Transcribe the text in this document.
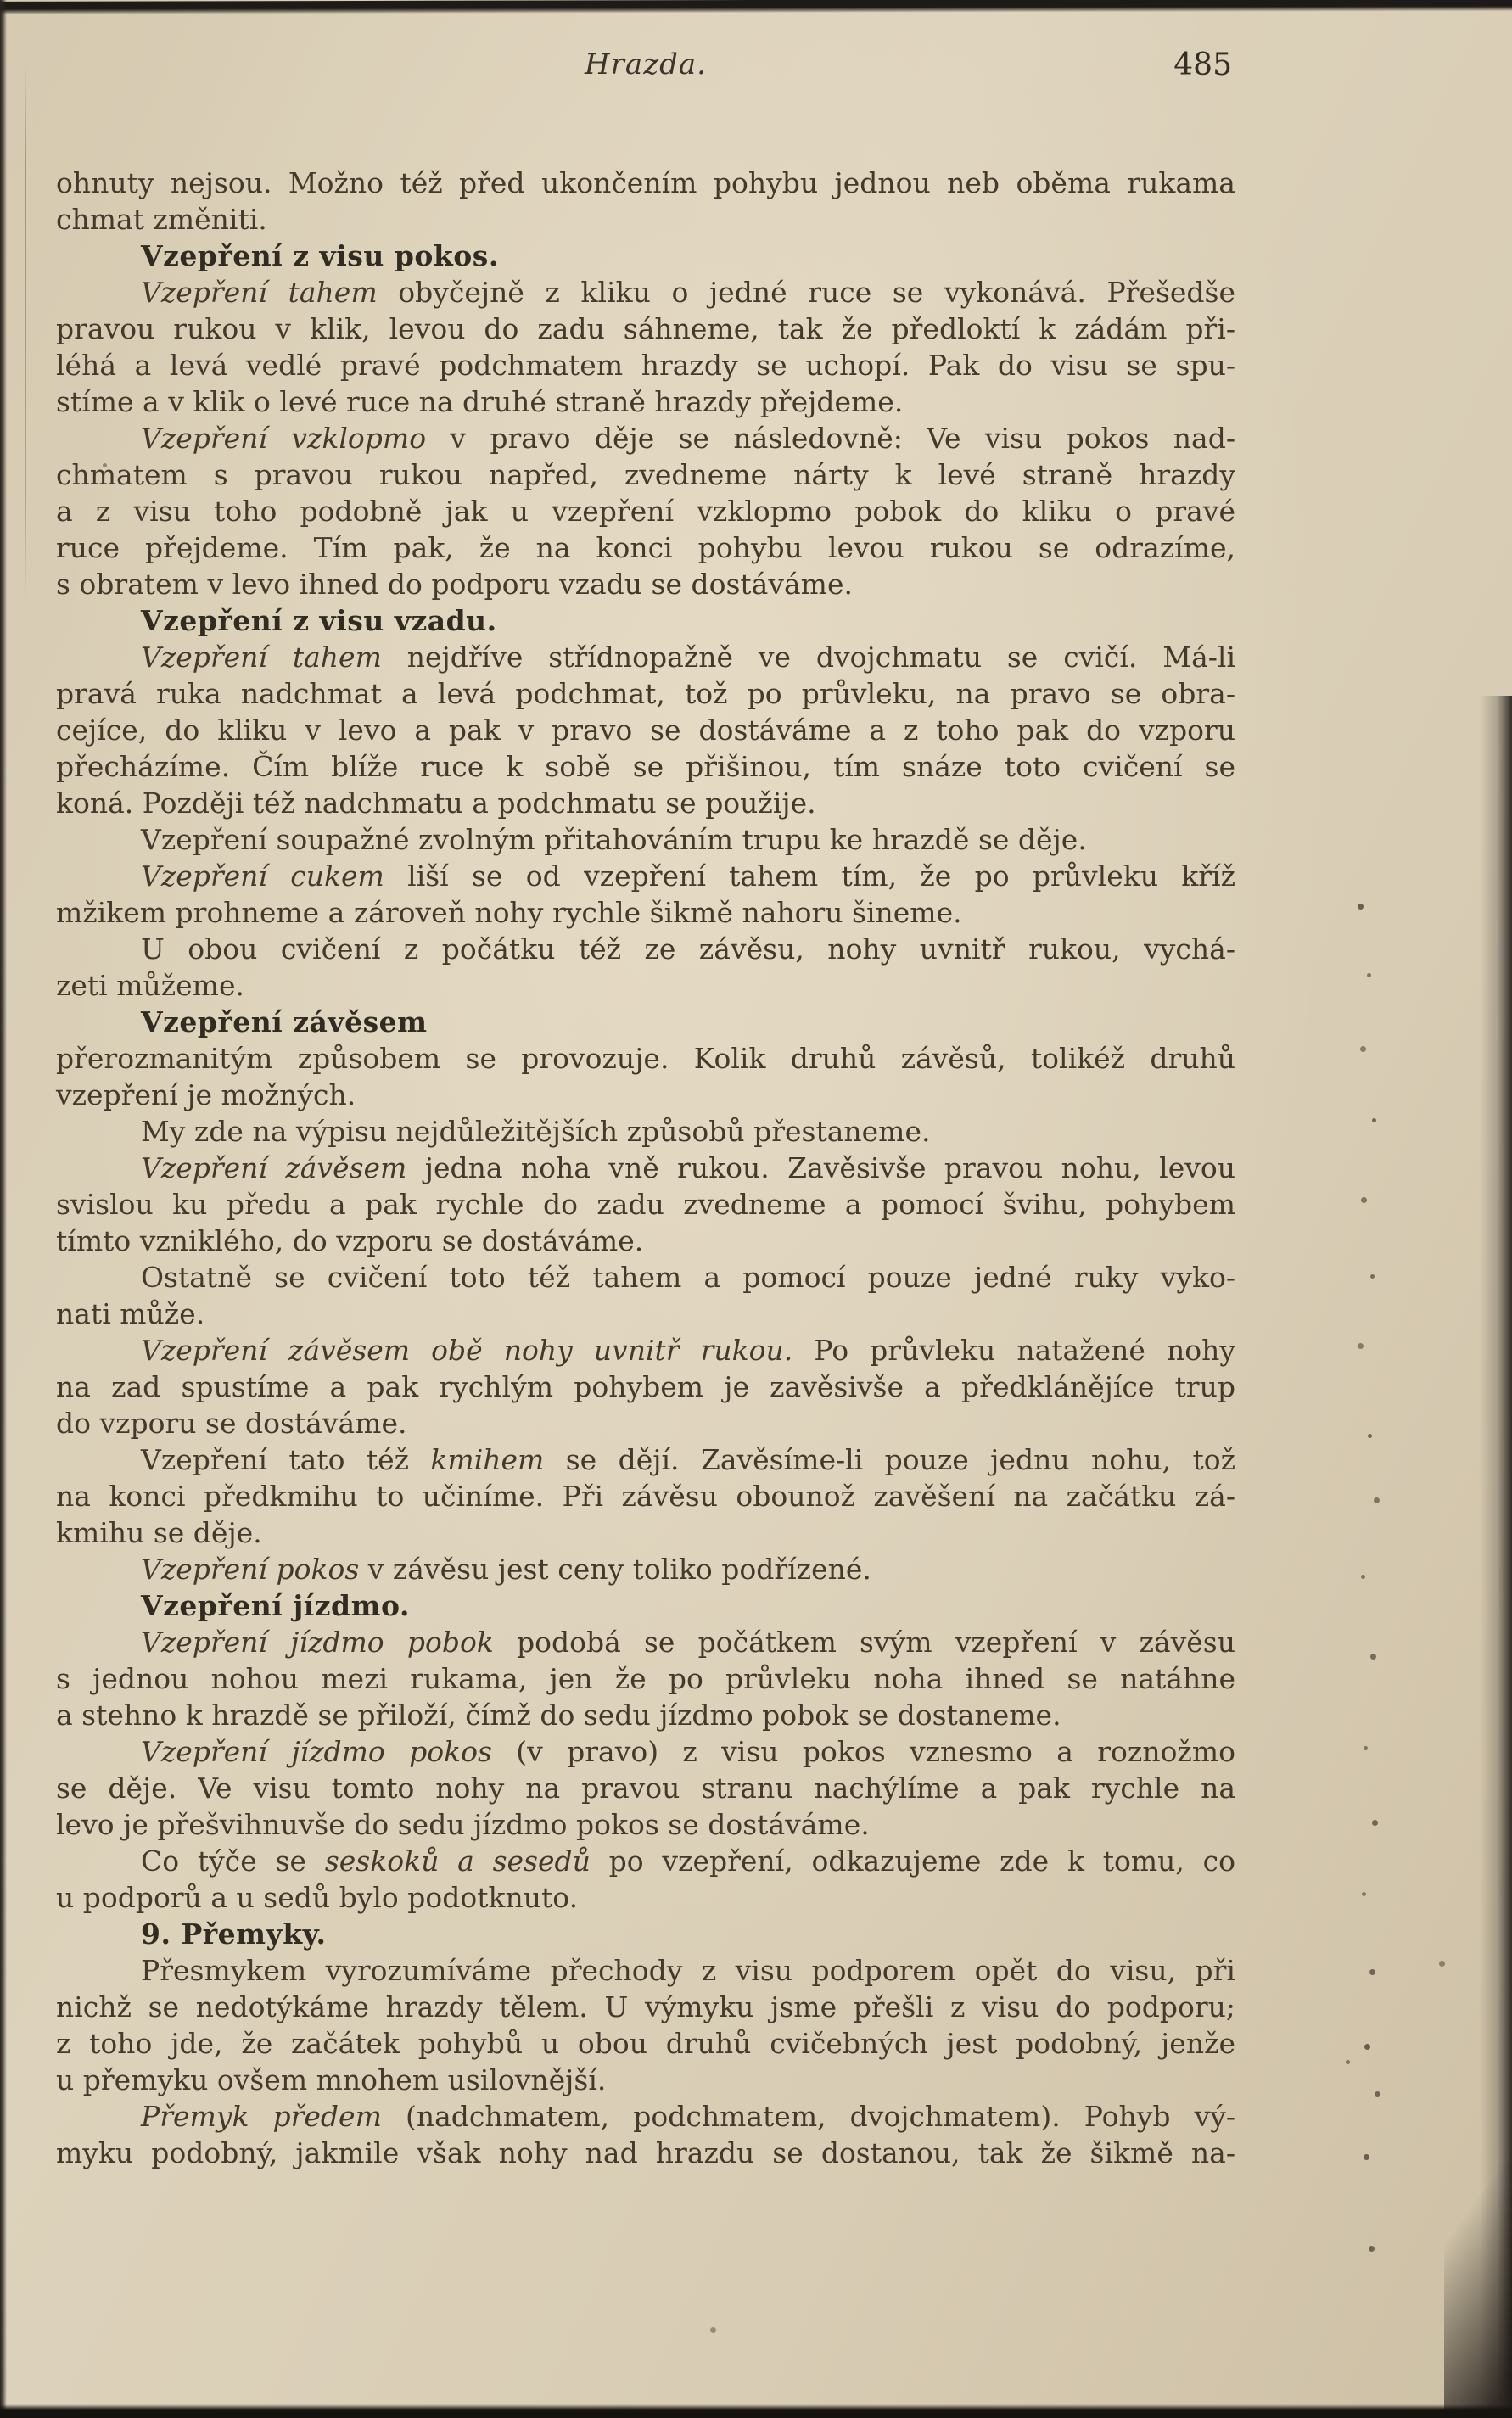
Hrazda.	485
ohnuty nejsou. Možno též před ukončením pohybu jednou neb oběma rukama
chmat změniti.
Vzepření z visu pokos.
Vzepření tahem obyčejně z kliku o jedné ruce se vykonává. Přešedše
pravou rukou v klik, levou do zadu sáhneme, tak že předloktí k zádám při-
léhá a levá vedlé pravé podchmatem hrazdy se uchopí. Pak do visu se spu-
stíme a v klik o levé ruce na druhé straně hrazdy přejdeme.
Vzepření vzklopmo v pravo děje se následovně: Ve visu pokos nad-
chmatem s pravou rukou napřed, zvedneme nárty k levé straně hrazdy
a z visu toho podobně jak u vzepření vzklopmo pobok do kliku o pravé
ruce přejdeme. Tím pak, že na konci pohybu levou rukou se odrazíme,
s obratem v levo ihned do podporu vzadu se dostáváme.
Vzepření z visu vzadu.
Vzepření tahem nejdříve střídnopažně ve dvojchmatu se cvičí. Má-li
pravá ruka nadchmat a levá podchmat, tož po průvleku, na pravo se obra-
cejíce, do kliku v levo a pak v pravo se dostáváme a z toho pak do vzporu
přecházíme. Čím blíže ruce k sobě se přišinou, tím snáze toto cvičení se
koná. Později též nadchmatu a podchmatu se použije.
Vzepření soupažné zvolným přitahováním trupu ke hrazdě se děje.
Vzepření cukem liší se od vzepření tahem tím, že po průvleku kříž
mžikem prohneme a zároveň nohy rychle šikmě nahoru šineme.
U obou cvičení z počátku též ze závěsu, nohy uvnitř rukou, vychá-
zeti můžeme.
Vzepření závěsem
přerozmanitým způsobem se provozuje. Kolik druhů závěsů, tolikéž druhů
vzepření je možných.
My zde na výpisu nejdůležitějších způsobů přestaneme.
Vzepření závěsem jedna noha vně rukou. Zavěsivše pravou nohu, levou
svislou ku předu a pak rychle do zadu zvedneme a pomocí švihu, pohybem
tímto vzniklého, do vzporu se dostáváme.
Ostatně se cvičení toto též tahem a pomocí pouze jedné ruky vyko-
nati může.
Vzepření závěsem obě nohy uvnitř rukou. Po průvleku natažené nohy
na zad spustíme a pak rychlým pohybem je zavěsivše a předklánějíce trup
do vzporu se dostáváme.
Vzepření tato též kmihem se dějí. Zavěsíme-li pouze jednu nohu, tož
na konci předkmihu to učiníme. Při závěsu obounož zavěšení na začátku zá-
kmihu se děje.
Vzepření pokos v závěsu jest ceny toliko podřízené.
Vzepření jízdmo.
Vzepření jízdmo pobok podobá se počátkem svým vzepření v závěsu
s jednou nohou mezi rukama, jen že po průvleku noha ihned se natáhne
a stehno k hrazdě se přiloží, čímž do sedu jízdmo pobok se dostaneme.
Vzepření jízdmo pokos (v pravo) z visu pokos vznesmo a roznožmo
se děje. Ve visu tomto nohy na pravou stranu nachýlíme a pak rychle na
levo je přešvihnuvše do sedu jízdmo pokos se dostáváme.
Co týče se seskoků a sesedů po vzepření, odkazujeme zde k tomu, co
u podporů a u sedů bylo podotknuto.
9. Přemyky.
Přesmykem vyrozumíváme přechody z visu podporem opět do visu, při
nichž se nedotýkáme hrazdy tělem. U výmyku jsme přešli z visu do podporu;
z toho jde, že začátek pohybů u obou druhů cvičebných jest podobný, jenže
u přemyku ovšem mnohem usilovnější.
Přemyk předem (nadchmatem, podchmatem, dvojchmatem). Pohyb vý-
myku podobný, jakmile však nohy nad hrazdu se dostanou, tak že šikmě na-
